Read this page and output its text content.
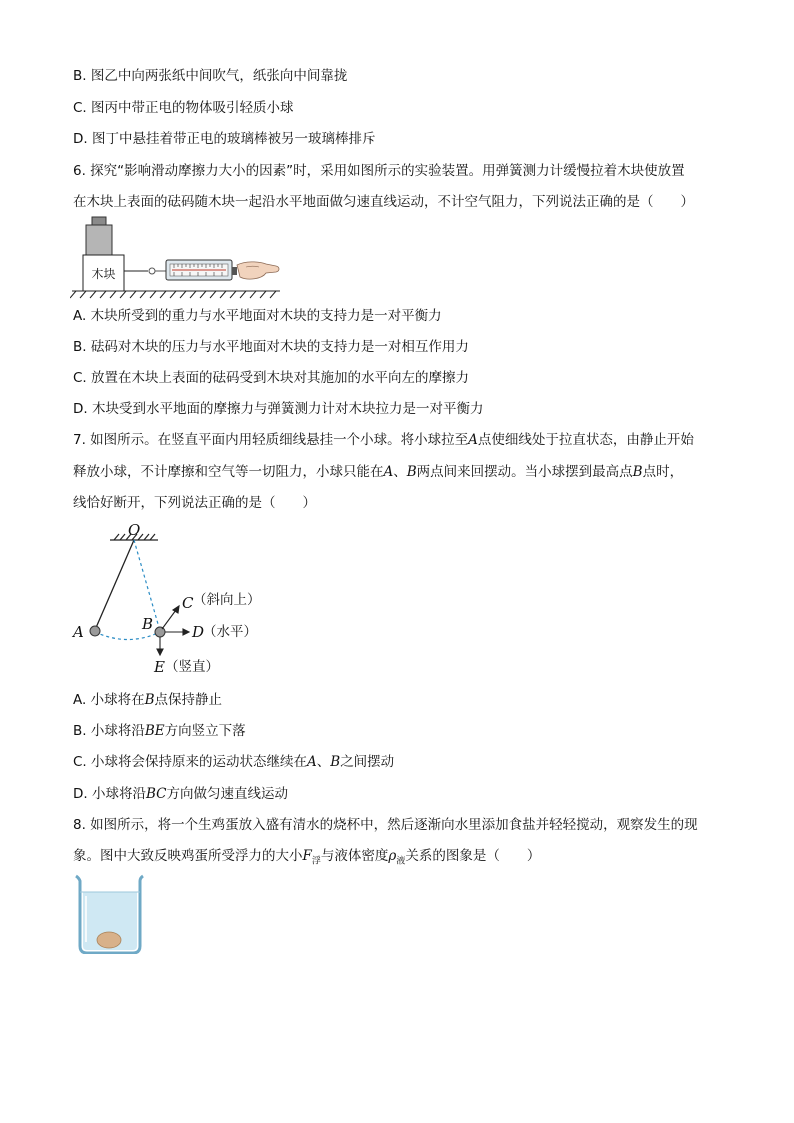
B. 图乙中向两张纸中间吹气，纸张向中间靠拢
C. 图丙中带正电的物体吸引轻质小球
D. 图丁中悬挂着带正电的玻璃棒被另一玻璃棒排斥
6. 探究“影响滑动摩擦力大小的因素”时，采用如图所示的实验装置。用弹簧测力计缓慢拉着木块使放置
在木块上表面的砝码随木块一起沿水平地面做匀速直线运动，不计空气阻力，下列说法正确的是（　　）
木块
A. 木块所受到的重力与水平地面对木块的支持力是一对平衡力
B. 砝码对木块的压力与水平地面对木块的支持力是一对相互作用力
C. 放置在木块上表面的砝码受到木块对其施加的水平向左的摩擦力
D. 木块受到水平地面的摩擦力与弹簧测力计对木块拉力是一对平衡力
7. 如图所示。在竖直平面内用轻质细线悬挂一个小球。将小球拉至A点使细线处于拉直状态，由静止开始
释放小球，不计摩擦和空气等一切阻力，小球只能在A、B两点间来回摆动。当小球摆到最高点B点时，
线恰好断开，下列说法正确的是（　　）
O
A	B
C （斜向上）
D
（水平）
E （竖直）
A. 小球将在B点保持静止
B. 小球将沿BE方向竖立下落
C. 小球将会保持原来的运动状态继续在A、B之间摆动
D. 小球将沿BC方向做匀速直线运动
8. 如图所示，将一个生鸡蛋放入盛有清水的烧杯中，然后逐渐向水里添加食盐并轻轻搅动，观察发生的现
象。图中大致反映鸡蛋所受浮力的大小$F_浮$与液体密度$\rho_液$关系的图象是（　　）
